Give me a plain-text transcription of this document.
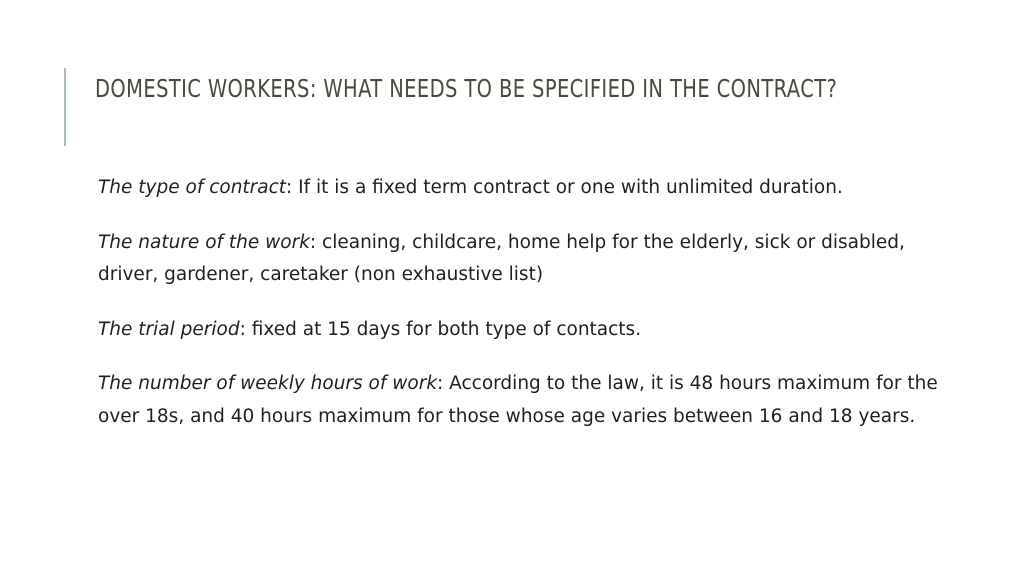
DOMESTIC WORKERS: WHAT NEEDS TO BE SPECIFIED IN THE CONTRACT?

The type of contract: If it is a fixed term contract or one with unlimited duration.

The nature of the work: cleaning, childcare, home help for the elderly, sick or disabled, driver, gardener, caretaker (non exhaustive list)

The trial period: fixed at 15 days for both type of contacts.

The number of weekly hours of work: According to the law, it is 48 hours maximum for the over 18s, and 40 hours maximum for those whose age varies between 16 and 18 years.
